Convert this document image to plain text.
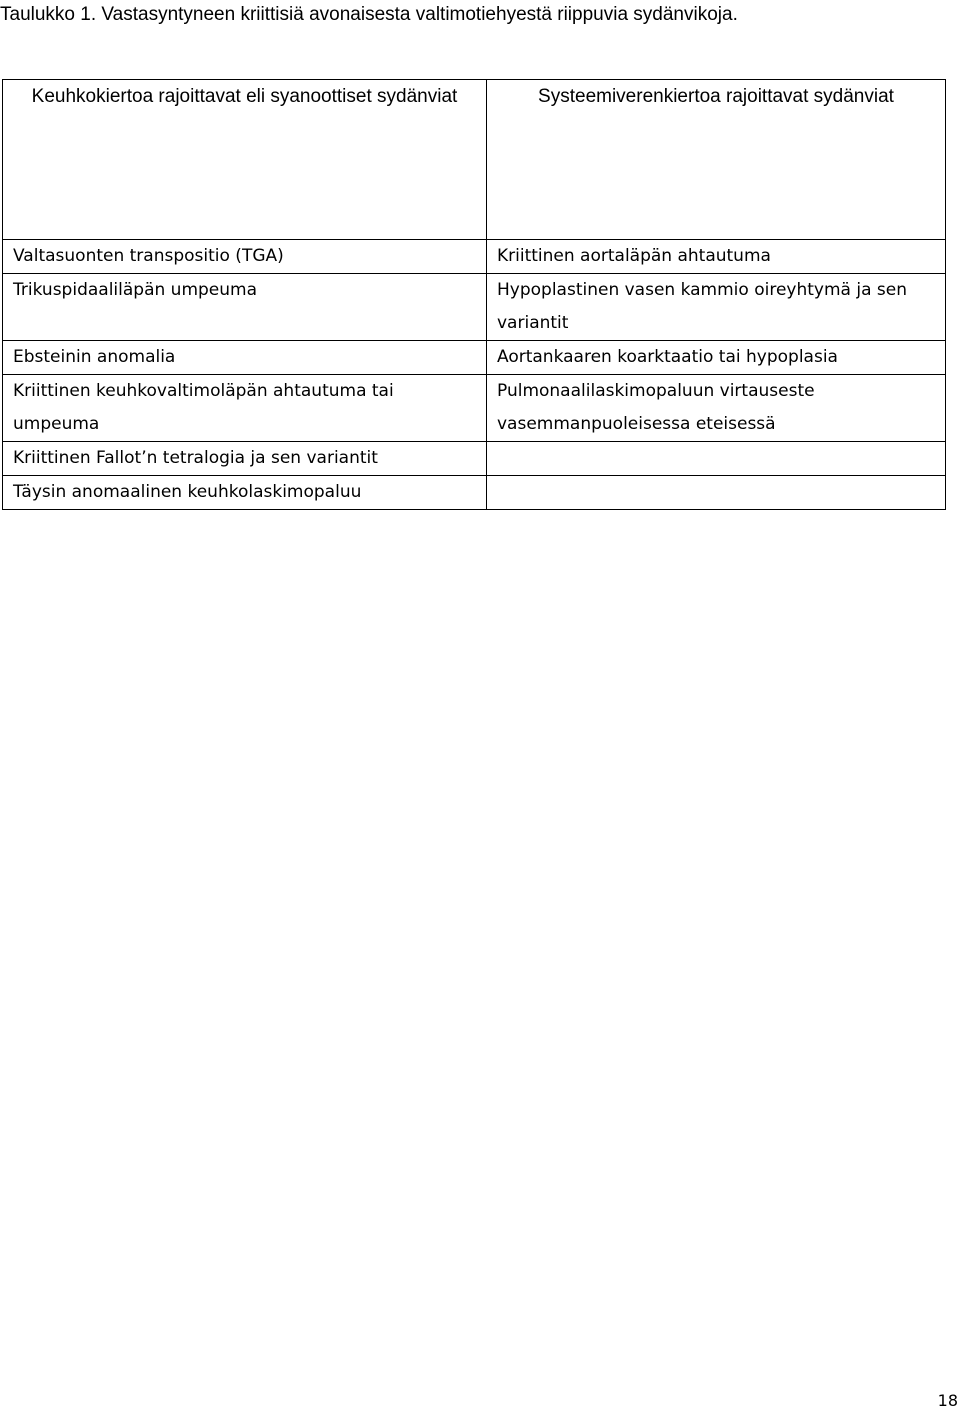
Taulukko 1. Vastasyntyneen kriittisiä avonaisesta valtimotiehyestä riippuvia sydänvikoja.
Keuhkokiertoa rajoittavat eli syanoottiset sydänviat	Systeemiverenkiertoa rajoittavat sydänviat
Valtasuonten transpositio (TGA)	Kriittinen aortaläpän ahtautuma
Trikuspidaaliläpän umpeuma	Hypoplastinen vasen kammio oireyhtymä ja sen variantit
Ebsteinin anomalia	Aortankaaren koarktaatio tai hypoplasia
Kriittinen keuhkovaltimoläpän ahtautuma tai umpeuma	Pulmonaalilaskimopaluun virtauseste vasemmanpuoleisessa eteisessä
Kriittinen Fallot’n tetralogia ja sen variantit	
Täysin anomaalinen keuhkolaskimopaluu	
18
